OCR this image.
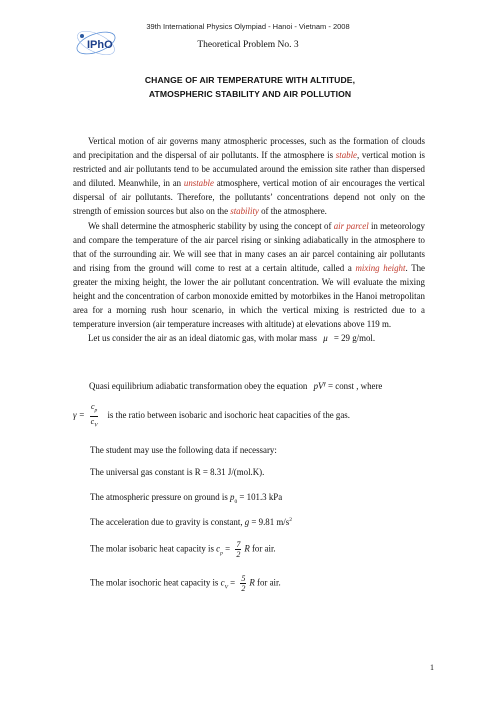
IPhO
39th International Physics Olympiad - Hanoi - Vietnam - 2008
Theoretical Problem No. 3
CHANGE OF AIR TEMPERATURE WITH ALTITUDE,
ATMOSPHERIC STABILITY AND AIR POLLUTION

Vertical motion of air governs many atmospheric processes, such as the formation of clouds and precipitation and the dispersal of air pollutants. If the atmosphere is stable, vertical motion is restricted and air pollutants tend to be accumulated around the emission site rather than dispersed and diluted. Meanwhile, in an unstable atmosphere, vertical motion of air encourages the vertical dispersal of air pollutants. Therefore, the pollutants’ concentrations depend not only on the strength of emission sources but also on the stability of the atmosphere.

We shall determine the atmospheric stability by using the concept of air parcel in meteorology and compare the temperature of the air parcel rising or sinking adiabatically in the atmosphere to that of the surrounding air. We will see that in many cases an air parcel containing air pollutants and rising from the ground will come to rest at a certain altitude, called a mixing height. The greater the mixing height, the lower the air pollutant concentration. We will evaluate the mixing height and the concentration of carbon monoxide emitted by motorbikes in the Hanoi metropolitan area for a morning rush hour scenario, in which the vertical mixing is restricted due to a temperature inversion (air temperature increases with altitude) at elevations above 119 m.

Let us consider the air as an ideal diatomic gas, with molar mass μ = 29 g/mol.

Quasi equilibrium adiabatic transformation obey the equation $pV^\gamma$ = const , where
$\gamma = \frac{c_p}{c_V}$ is the ratio between isobaric and isochoric heat capacities of the gas.
The student may use the following data if necessary:
The universal gas constant is R = 8.31 J/(mol.K).
The atmospheric pressure on ground is $p_0 = 101.3$ kPa
The acceleration due to gravity is constant, g = 9.81 $m/s^2$
The molar isobaric heat capacity is $c_p = \frac{7}{2}$ R for air.
The molar isochoric heat capacity is $c_V = \frac{5}{2}$ R for air.
1
